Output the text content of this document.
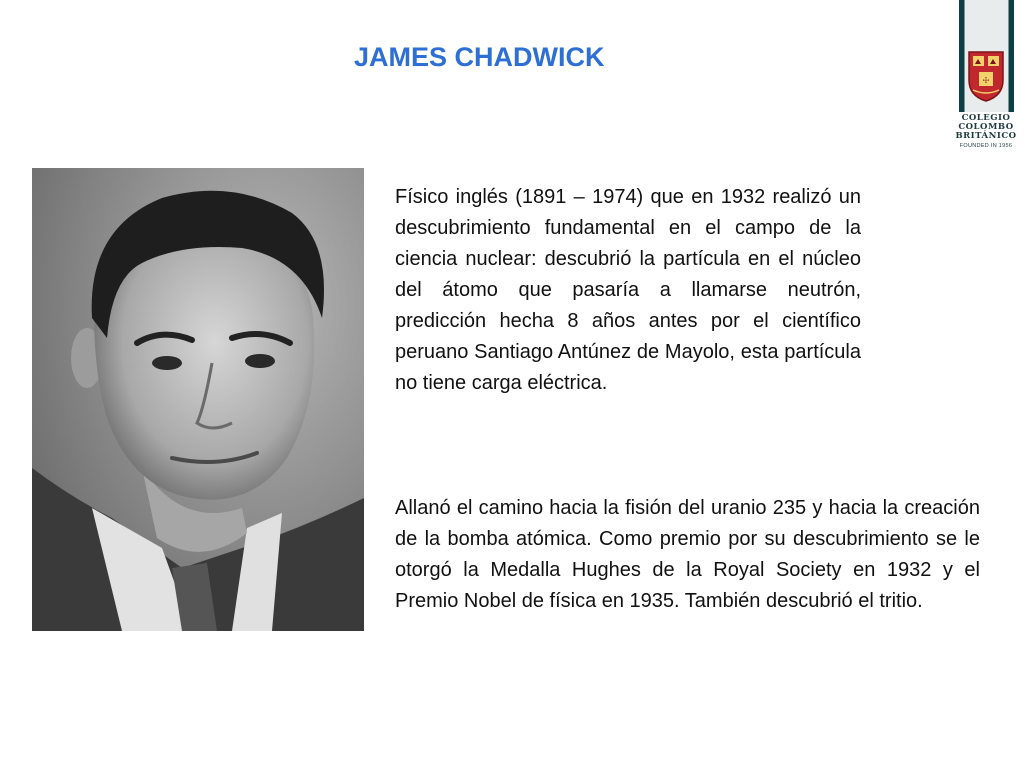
JAMES CHADWICK
☩
COLEGIO
COLOMBO
BRITÁNICO
FOUNDED IN 1956

Físico inglés (1891 – 1974) que en 1932 realizó un descubrimiento fundamental en el campo de la ciencia nuclear: descubrió la partícula en el núcleo del átomo que pasaría a llamarse neutrón, predicción hecha 8 años antes por el científico peruano Santiago Antúnez de Mayolo, esta partícula no tiene carga eléctrica.

Allanó el camino hacia la fisión del uranio 235 y hacia la creación de la bomba atómica. Como premio por su descubrimiento se le otorgó la Medalla Hughes de la Royal Society en 1932 y el Premio Nobel de física en 1935. También descubrió el tritio.
